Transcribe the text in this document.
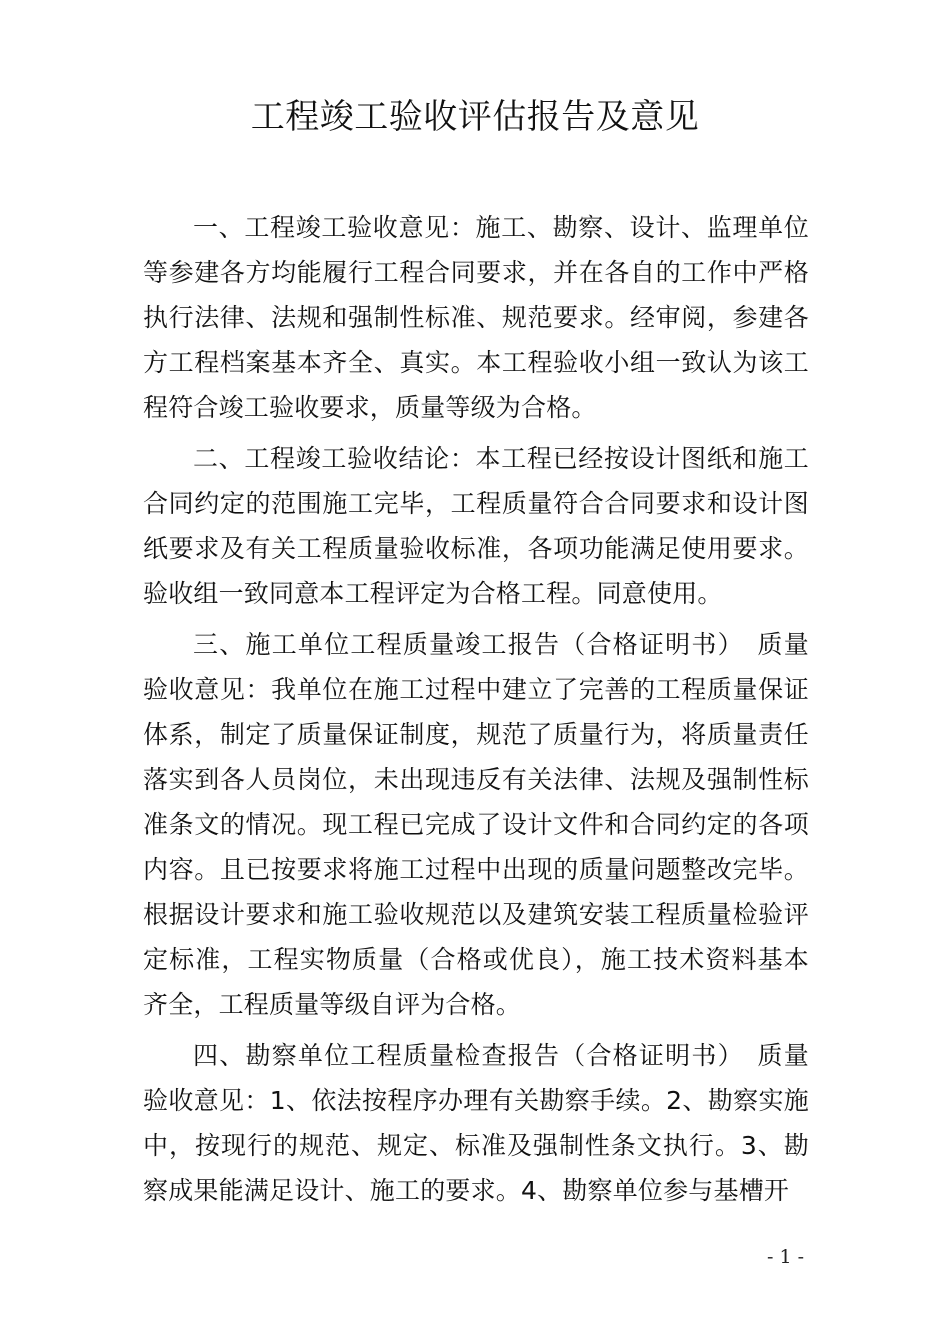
工程竣工验收评估报告及意见

一、工程竣工验收意见：施工、勘察、设计、监理单位等参建各方均能履行工程合同要求，并在各自的工作中严格执行法律、法规和强制性标准、规范要求。经审阅，参建各方工程档案基本齐全、真实。本工程验收小组一致认为该工程符合竣工验收要求，质量等级为合格。

二、工程竣工验收结论：本工程已经按设计图纸和施工合同约定的范围施工完毕，工程质量符合合同要求和设计图纸要求及有关工程质量验收标准，各项功能满足使用要求。验收组一致同意本工程评定为合格工程。同意使用。

三、施工单位工程质量竣工报告（合格证明书）　质量验收意见：我单位在施工过程中建立了完善的工程质量保证体系，制定了质量保证制度，规范了质量行为，将质量责任落实到各人员岗位，未出现违反有关法律、法规及强制性标准条文的情况。现工程已完成了设计文件和合同约定的各项内容。且已按要求将施工过程中出现的质量问题整改完毕。根据设计要求和施工验收规范以及建筑安装工程质量检验评定标准，工程实物质量（合格或优良），施工技术资料基本齐全，工程质量等级自评为合格。

四、勘察单位工程质量检查报告（合格证明书）　质量验收意见：1、依法按程序办理有关勘察手续。2、勘察实施中，按现行的规范、规定、标准及强制性条文执行。3、勘察成果能满足设计、施工的要求。4、勘察单位参与基槽开

- 1 -
